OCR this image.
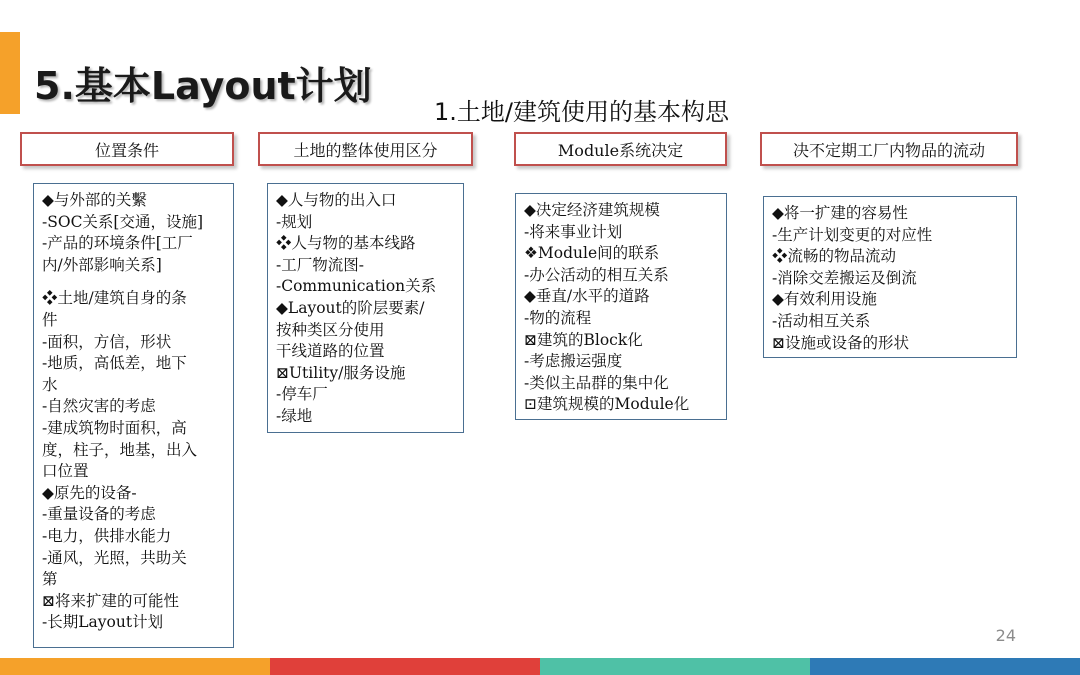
5.基本Layout计划
1.土地/建筑使用的基本构思
位置条件	土地的整体使用区分	Module系统决定	决不定期工厂内物品的流动
◆与外部的关繫
-SOC关系[交通，设施]
-产品的环境条件[工厂
内/外部影响关系]
❖土地/建筑自身的条
件
-面积，方信，形状
-地质，高低差，地下
水
-自然灾害的考虑
-建成筑物时面积，高
度，柱子，地基，出入
口位置
◆原先的设备-
-重量设备的考虑
-电力，供排水能力
-通风，光照，共助关
第
⊠将来扩建的可能性
-长期Layout计划
◆人与物的出入口
-规划
❖人与物的基本线路
-工厂物流图-
-Communication关系
◆Layout的阶层要素/
按种类区分使用
干线道路的位置
⊠Utility/服务设施
-停车厂
-绿地
◆决定经济建筑规模
-将来事业计划
❖Module间的联系
-办公活动的相互关系
◆垂直/水平的道路
-物的流程
⊠建筑的Block化
-考虑搬运强度
-类似主品群的集中化
⊡建筑规模的Module化
◆将一扩建的容易性
-生产计划变更的对应性
❖流畅的物品流动
-消除交差搬运及倒流
◆有效利用设施
-活动相互关系
⊠设施或设备的形状
24
